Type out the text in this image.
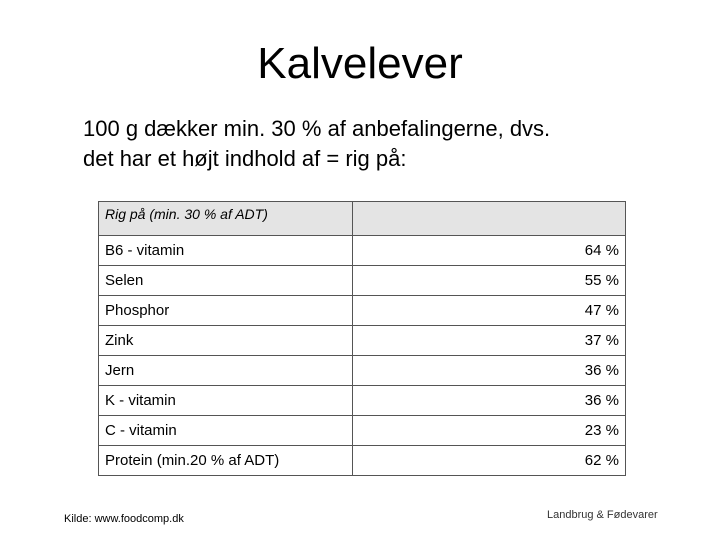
Kalvelever
100 g dækker min. 30 % af anbefalingerne, dvs.
det har et højt indhold af = rig på:
Rig på (min. 30 % af ADT)	
B6 - vitamin	64 %
Selen	55 %
Phosphor	47 %
Zink	37 %
Jern	36 %
K - vitamin	36 %
C - vitamin	23 %
Protein (min.20 % af ADT)	62 %
Kilde: www.foodcomp.dk	Landbrug & Fødevarer
